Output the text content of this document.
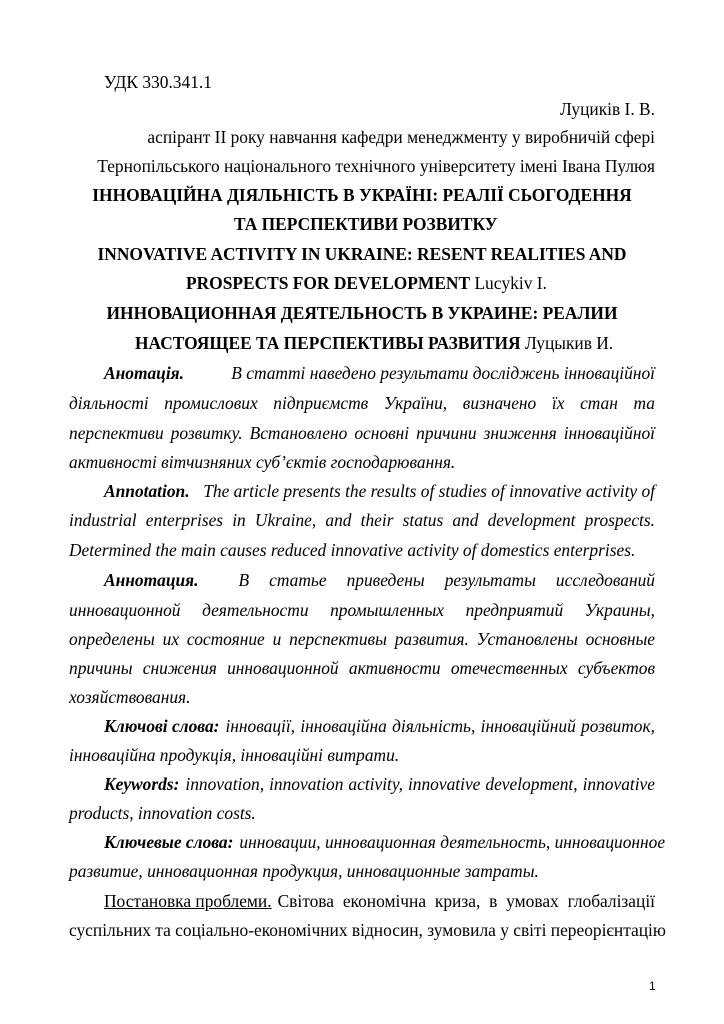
УДК 330.341.1
Луциків І. В.
аспірант ІІ року навчання кафедри менеджменту у виробничій сфері
Тернопільського національного технічного університету імені Івана Пулюя
ІННОВАЦІЙНА ДІЯЛЬНІСТЬ В УКРАЇНІ: РЕАЛІЇ СЬОГОДЕННЯ
ТА ПЕРСПЕКТИВИ РОЗВИТКУ
INNOVATIVE ACTIVITY IN UKRAINE: RESENT REALITIES AND
PROSPECTS FOR DEVELOPMENT Lucykiv I.
ИННОВАЦИОННАЯ ДЕЯТЕЛЬНОСТЬ В УКРАИНЕ: РЕАЛИИ
НАСТОЯЩЕЕ ТА ПЕРСПЕКТИВЫ РАЗВИТИЯ Луцыкив И.
Анотація.	В статті наведено результати досліджень інноваційної
діяльності промислових підприємств України, визначено їх стан та
перспективи розвитку. Встановлено основні причини зниження інноваційної
активності вітчизняних суб’єктів господарювання.
Annotation. The article presents the results of studies of innovative activity of
industrial enterprises in Ukraine, and their status and development prospects.
Determined the main causes reduced innovative activity of domestics enterprises.
Аннотация. В статье приведены результаты исследований
инновационной деятельности промышленных предприятий Украины,
определены их состояние и перспективы развития. Установлены основные
причины снижения инновационной активности отечественных субъектов
хозяйствования.
Ключові слова: інновації, інноваційна діяльність, інноваційний розвиток,
інноваційна продукція, інноваційні витрати.
Keywords: innovation, innovation activity, innovative development, innovative
products, innovation costs.
Ключевые слова: инновации, инновационная деятельность, инновационное
развитие, инновационная продукция, инновационные затраты.
Постановка проблеми. Світова економічна криза, в умовах глобалізації
суспільних та соціально-економічних відносин, зумовила у світі переорієнтацію
1
